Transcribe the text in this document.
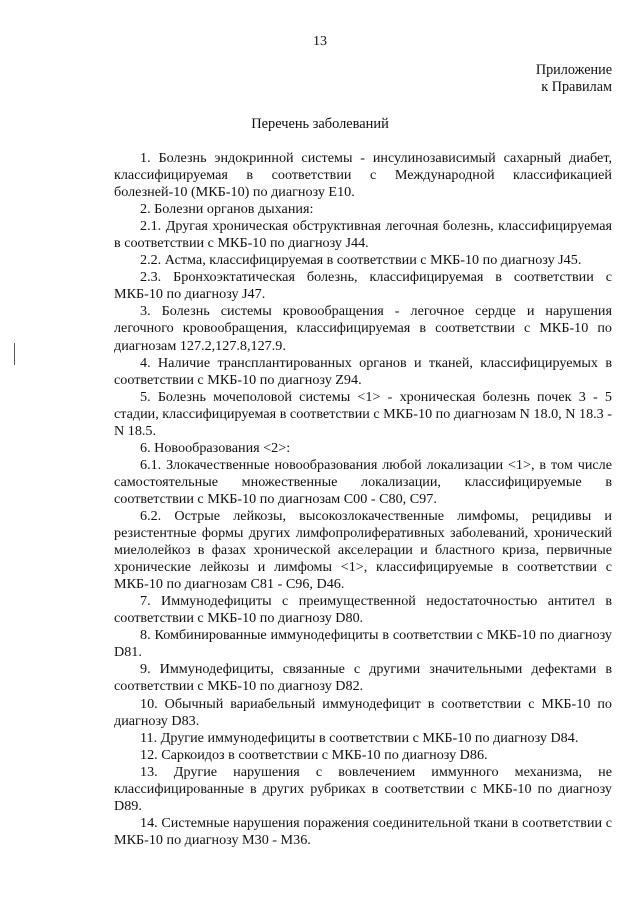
13
Приложение
к Правилам
Перечень заболеваний

1. Болезнь эндокринной системы - инсулинозависимый сахарный диабет, классифицируемая в соответствии с Международной классификацией болезней-10 (МКБ-10) по диагнозу Е10.

2. Болезни органов дыхания:

2.1. Другая хроническая обструктивная легочная болезнь, классифицируемая в соответствии с МКБ-10 по диагнозу J44.

2.2. Астма, классифицируемая в соответствии с МКБ-10 по диагнозу J45.

2.3. Бронхоэктатическая болезнь, классифицируемая в соответствии с МКБ-10 по диагнозу J47.

3. Болезнь системы кровообращения - легочное сердце и нарушения легочного кровообращения, классифицируемая в соответствии с МКБ-10 по диагнозам 127.2,127.8,127.9.

4. Наличие трансплантированных органов и тканей, классифицируемых в соответствии с МКБ-10 по диагнозу Z94.

5. Болезнь мочеполовой системы <1> - хроническая болезнь почек 3 - 5 стадии, классифицируемая в соответствии с МКБ-10 по диагнозам N 18.0, N 18.3 - N 18.5.

6. Новообразования <2>:

6.1. Злокачественные новообразования любой локализации <1>, в том числе самостоятельные множественные локализации, классифицируемые в соответствии с МКБ-10 по диагнозам С00 - С80, С97.

6.2. Острые лейкозы, высокозлокачественные лимфомы, рецидивы и резистентные формы других лимфопролиферативных заболеваний, хронический миелолейкоз в фазах хронической акселерации и бластного криза, первичные хронические лейкозы и лимфомы <1>, классифицируемые в соответствии с МКБ-10 по диагнозам С81 - С96, D46.

7. Иммунодефициты с преимущественной недостаточностью антител в соответствии с МКБ-10 по диагнозу D80.

8. Комбинированные иммунодефициты в соответствии с МКБ-10 по диагнозу D81.

9. Иммунодефициты, связанные с другими значительными дефектами в соответствии с МКБ-10 по диагнозу D82.

10. Обычный вариабельный иммунодефицит в соответствии с МКБ-10 по диагнозу D83.

11. Другие иммунодефициты в соответствии с МКБ-10 по диагнозу D84.

12. Саркоидоз в соответствии с МКБ-10 по диагнозу D86.

13. Другие нарушения с вовлечением иммунного механизма, не классифицированные в других рубриках в соответствии с МКБ-10 по диагнозу D89.

14. Системные нарушения поражения соединительной ткани в соответствии с МКБ-10 по диагнозу М30 - М36.
